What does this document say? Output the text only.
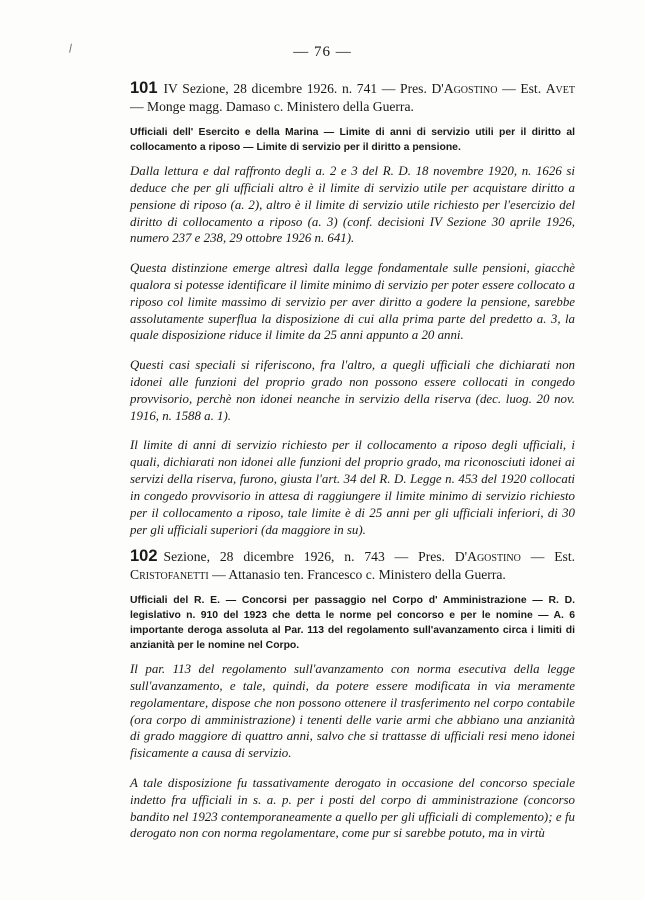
— 76 —
101 IV Sezione, 28 dicembre 1926. n. 741 — Pres. D'Agostino — Est. Avet — Monge magg. Damaso c. Ministero della Guerra.
Ufficiali dell' Esercito e della Marina — Limite di anni di servizio utili per il diritto al collocamento a riposo — Limite di servizio per il diritto a pensione.

Dalla lettura e dal raffronto degli a. 2 e 3 del R. D. 18 novembre 1920, n. 1626 si deduce che per gli ufficiali altro è il limite di servizio utile per acquistare diritto a pensione di riposo (a. 2), altro è il limite di servizio utile richiesto per l'esercizio del diritto di collocamento a riposo (a. 3) (conf. decisioni IV Sezione 30 aprile 1926, numero 237 e 238, 29 ottobre 1926 n. 641).

Questa distinzione emerge altresì dalla legge fondamentale sulle pensioni, giacchè qualora si potesse identificare il limite minimo di servizio per poter essere collocato a riposo col limite massimo di servizio per aver diritto a godere la pensione, sarebbe assolutamente superflua la disposizione di cui alla prima parte del predetto a. 3, la quale disposizione riduce il limite da 25 anni appunto a 20 anni.

Questi casi speciali si riferiscono, fra l'altro, a quegli ufficiali che dichiarati non idonei alle funzioni del proprio grado non possono essere collocati in congedo provvisorio, perchè non idonei neanche in servizio della riserva (dec. luog. 20 nov. 1916, n. 1588 a. 1).

Il limite di anni di servizio richiesto per il collocamento a riposo degli ufficiali, i quali, dichiarati non idonei alle funzioni del proprio grado, ma riconosciuti idonei ai servizi della riserva, furono, giusta l'art. 34 del R. D. Legge n. 453 del 1920 collocati in congedo provvisorio in attesa di raggiungere il limite minimo di servizio richiesto per il collocamento a riposo, tale limite è di 25 anni per gli ufficiali inferiori, di 30 per gli ufficiali superiori (da maggiore in su).

102 Sezione, 28 dicembre 1926, n. 743 — Pres. D'Agostino — Est. Cristofanetti — Attanasio ten. Francesco c. Ministero della Guerra.
Ufficiali del R. E. — Concorsi per passaggio nel Corpo d' Amministrazione — R. D. legislativo n. 910 del 1923 che detta le norme pel concorso e per le nomine — A. 6 importante deroga assoluta al Par. 113 del regolamento sull'avanzamento circa i limiti di anzianità per le nomine nel Corpo.

Il par. 113 del regolamento sull'avanzamento con norma esecutiva della legge sull'avanzamento, e tale, quindi, da potere essere modificata in via meramente regolamentare, dispose che non possono ottenere il trasferimento nel corpo contabile (ora corpo di amministrazione) i tenenti delle varie armi che abbiano una anzianità di grado maggiore di quattro anni, salvo che si trattasse di ufficiali resi meno idonei fisicamente a causa di servizio.

A tale disposizione fu tassativamente derogato in occasione del concorso speciale indetto fra ufficiali in s. a. p. per i posti del corpo di amministrazione (concorso bandito nel 1923 contemporaneamente a quello per gli ufficiali di complemento); e fu derogato non con norma regolamentare, come pur si sarebbe potuto, ma in virtù
